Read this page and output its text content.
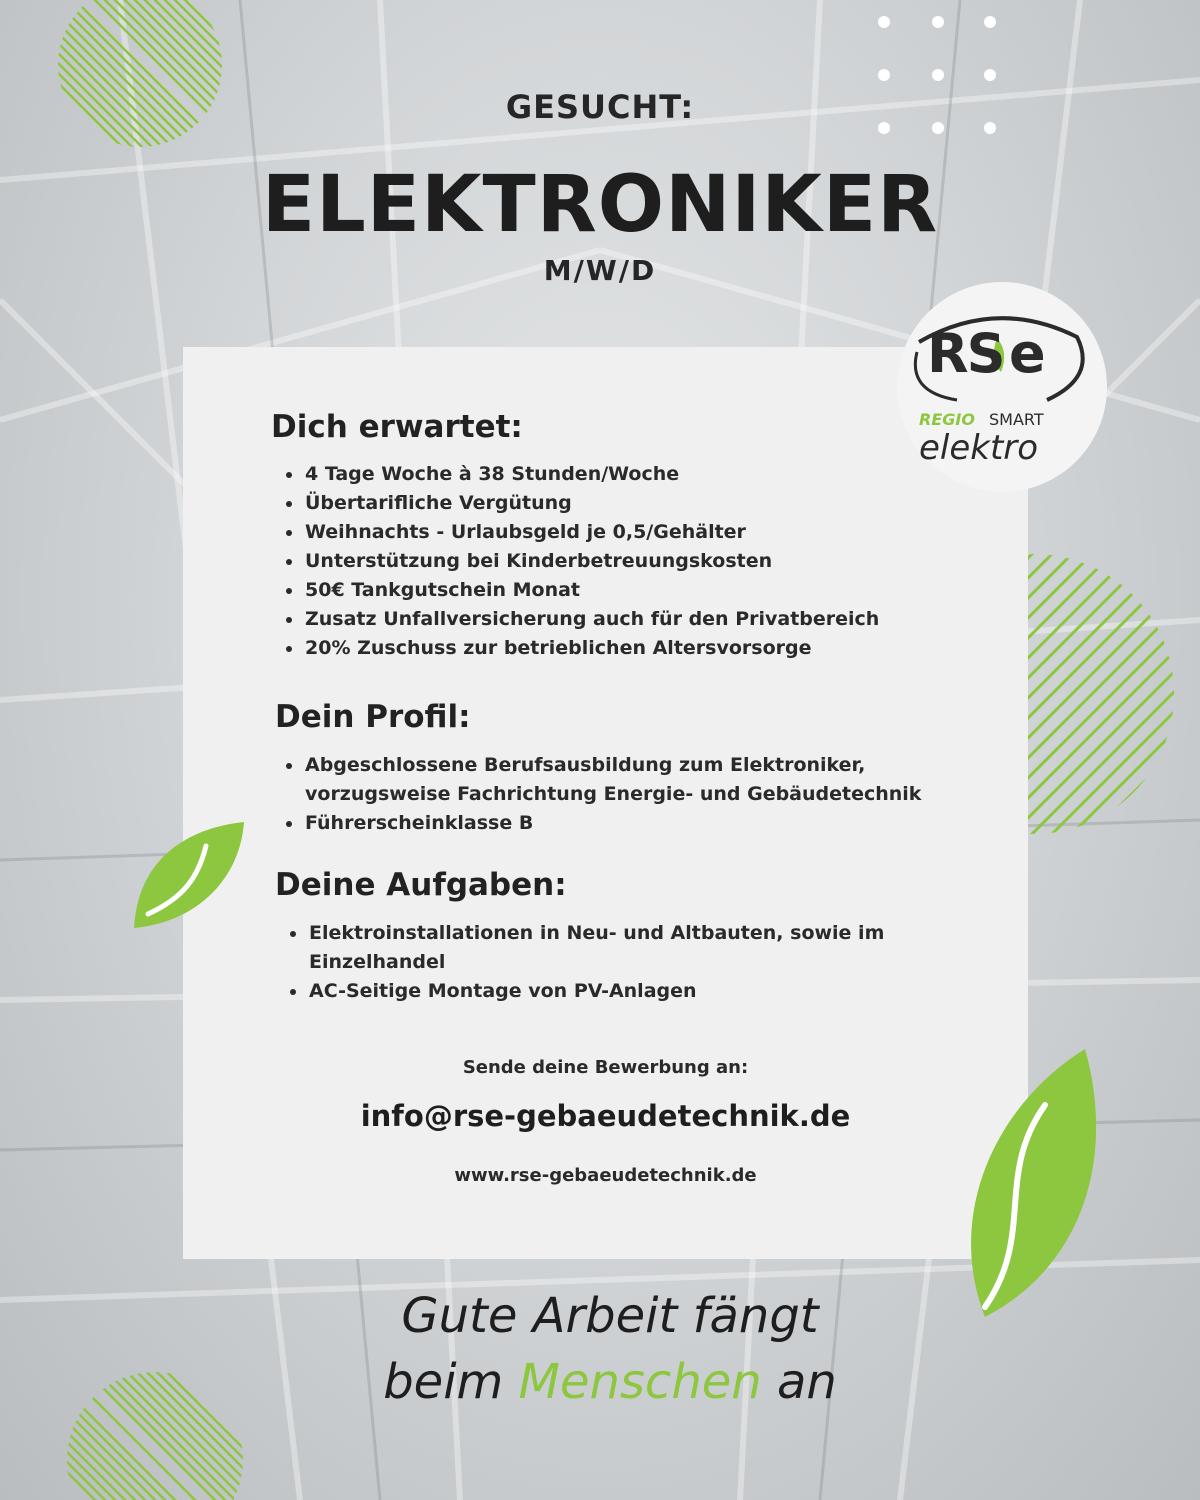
GESUCHT:
ELEKTRONIKER
M/W/D
Dich erwartet:
4 Tage Woche à 38 Stunden/Woche
Übertarifliche Vergütung
Weihnachts - Urlaubsgeld je 0,5/Gehälter
Unterstützung bei Kinderbetreuungskosten
50€ Tankgutschein Monat
Zusatz Unfallversicherung auch für den Privatbereich
20% Zuschuss zur betrieblichen Altersvorsorge
Dein Profil:
Abgeschlossene Berufsausbildung zum Elektroniker, vorzugsweise Fachrichtung Energie- und Gebäudetechnik
Führerscheinklasse B
Deine Aufgaben:
Elektroinstallationen in Neu- und Altbauten, sowie im Einzelhandel
AC-Seitige Montage von PV-Anlagen
Sende deine Bewerbung an:
info@rse-gebaeudetechnik.de
www.rse-gebaeudetechnik.de
RS e
REGIO SMART
elektro
Gute Arbeit fängt
beim Menschen an
